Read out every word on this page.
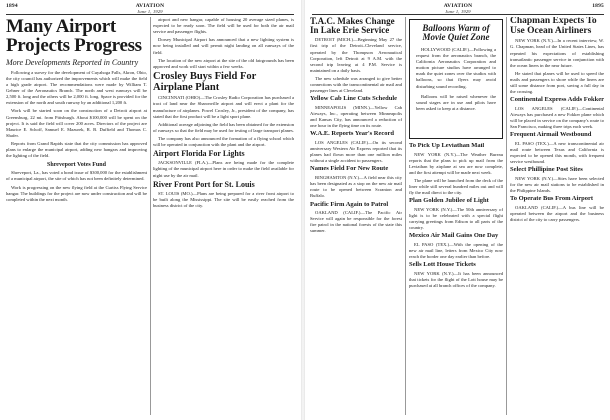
1894	AVIATION
June 1, 1929
Many Airport Projects Progress
More Developments Reported in Country

Following a survey for the development of Cuyahoga Falls, Akron, Ohio, the city council has authorized the improvements which will make the field a high grade airport. The recommendations were made by William T. Gehner of the Aeronautics Branch. The north and west runways will be 2,500 ft. long and the others will be 2,000 ft. long. Space is provided for the extension of the north and south runway by an additional 1,200 ft.

Work will be started soon on the construction of a Detroit airport at Greensburg, 22 mi. from Pittsburgh. About $100,000 will be spent on the project. It is said the field will cover 200 acres. Directors of the project are Maurice E. Schoff, Samuel E. Mazurek, R. B. Duffield and Thomas C. Shafer.

Reports from Grand Rapids state that the city commission has approved plans to enlarge the municipal airport, adding new hangars and improving the lighting of the field.

Shreveport Votes Fund

Shreveport, La., has voted a bond issue of $300,000 for the establishment of a municipal airport, the site of which has not been definitely determined.

Work is progressing on the new flying field at the Curtiss Flying Service hangar. The buildings for the project are now under construction and will be completed within the next month.

airport and new hangar, capable of housing 20 average sized planes, is expected to be ready soon. The field will be used for both the air mail service and passenger flights.

Dorsey Municipal Airport has announced that a new lighting system is now being installed and will permit night landing on all runways of the field.

The location of the new airport at the site of the old fairgrounds has been approved and work will start within a few weeks.

Crosley Buys Field For Airplane Plant

CINCINNATI (OHIO)—The Crosley Radio Corporation has purchased a tract of land near the Sharonville airport and will erect a plant for the manufacture of airplanes. Powel Crosley, Jr., president of the company, has stated that the first product will be a light sport plane.

Additional acreage adjoining the field has been obtained for the extension of runways so that the field may be used for testing of large transport planes.

The company has also announced the formation of a flying school which will be operated in conjunction with the plant and the airport.

Airport Florida For Lights

JACKSONVILLE (FLA.)—Plans are being made for the complete lighting of the municipal airport here in order to make the field available for night use by the air mail.

River Front Port for St. Louis

ST. LOUIS (MO.)—Plans are being prepared for a river front airport to be built along the Mississippi. The site will be easily reached from the business district of the city.

AVIATION
June 1, 1929
1895
T.A.C. Makes Change In Lake Erie Service

DETROIT (MICH.)—Beginning May 27 the first trip of the Detroit–Cleveland service, operated by the Thompson Aeronautical Corporation, left Detroit at 9 A.M. with the second trip leaving at 4 P.M. Service is maintained on a daily basis.

The new schedule was arranged to give better connections with the transcontinental air mail and passenger lines at Cleveland.

Yellow Cab Line Cuts Schedule

MINNEAPOLIS (MINN.)—Yellow Cab Airways, Inc., operating between Minneapolis and Kansas City, has announced a reduction of one hour in the flying time on its route.

W.A.E. Reports Year's Record

LOS ANGELES (CALIF.)—On its second anniversary Western Air Express reported that its planes had flown more than one million miles without a single accident to passengers.

Names Field For New Route

BINGHAMTON (N.Y.)—A field near this city has been designated as a stop on the new air mail route to be opened between Scranton and Buffalo.

Pacific Firm Again to Patrol

OAKLAND (CALIF.)—The Pacific Air Service will again be responsible for the forest fire patrol in the national forests of the state this summer.

Balloons Warm of Movie Quiet Zone

HOLLYWOOD (CALIF.)—Following a request from the aeronautics branch, the California Aeronautics Corporation and motion picture studios have arranged to mark the quiet zones over the studios with balloons, so that flyers may avoid disturbing sound recording.

Balloons will be raised whenever the sound stages are in use and pilots have been asked to keep at a distance.

To Pick Up Leviathan Mail

NEW YORK (N.Y.)—The Weather Bureau reports that the plans to pick up mail from the Leviathan by airplane at sea are now complete, and the first attempt will be made next week.

The plane will be launched from the deck of the liner while still several hundred miles out and will fly the mail direct to the city.

Plan Golden Jubilee of Light

NEW YORK (N.Y.)—The 50th anniversary of light is to be celebrated with a special flight carrying greetings from Edison to all parts of the country.

Mexico Air Mail Gains One Day

EL PASO (TEX.)—With the opening of the new air mail line, letters from Mexico City now reach the border one day earlier than before.

Sells Lott House Tickets

NEW YORK (N.Y.)—It has been announced that tickets for the flight of the Lott house may be purchased at all branch offices of the company.

Chapman Expects To Use Ocean Airliners

NEW YORK (N.Y.)—In a recent interview, W. G. Chapman, head of the United States Lines, has repeated his expectations of establishing transatlantic passenger service in conjunction with the ocean liners in the near future.

He stated that planes will be used to speed the mails and passengers to shore while the liners are still some distance from port, saving a full day in the crossing.

Continental Express Adds Fokker

LOS ANGELES (CALIF.)—Continental Airways has purchased a new Fokker plane which will be placed in service on the company's route to San Francisco, making three trips each week.

Frequent Airmail Westbound

EL PASO (TEX.)—A new transcontinental air mail route between Texas and California is expected to be opened this month, with frequent service westbound.

Select Phillipine Post Sites

NEW YORK (N.Y.)—Sites have been selected for the new air mail stations to be established in the Philippine Islands.

To Operate Bus From Airport

OAKLAND (CALIF.)—A bus line will be operated between the airport and the business district of the city to carry passengers.
